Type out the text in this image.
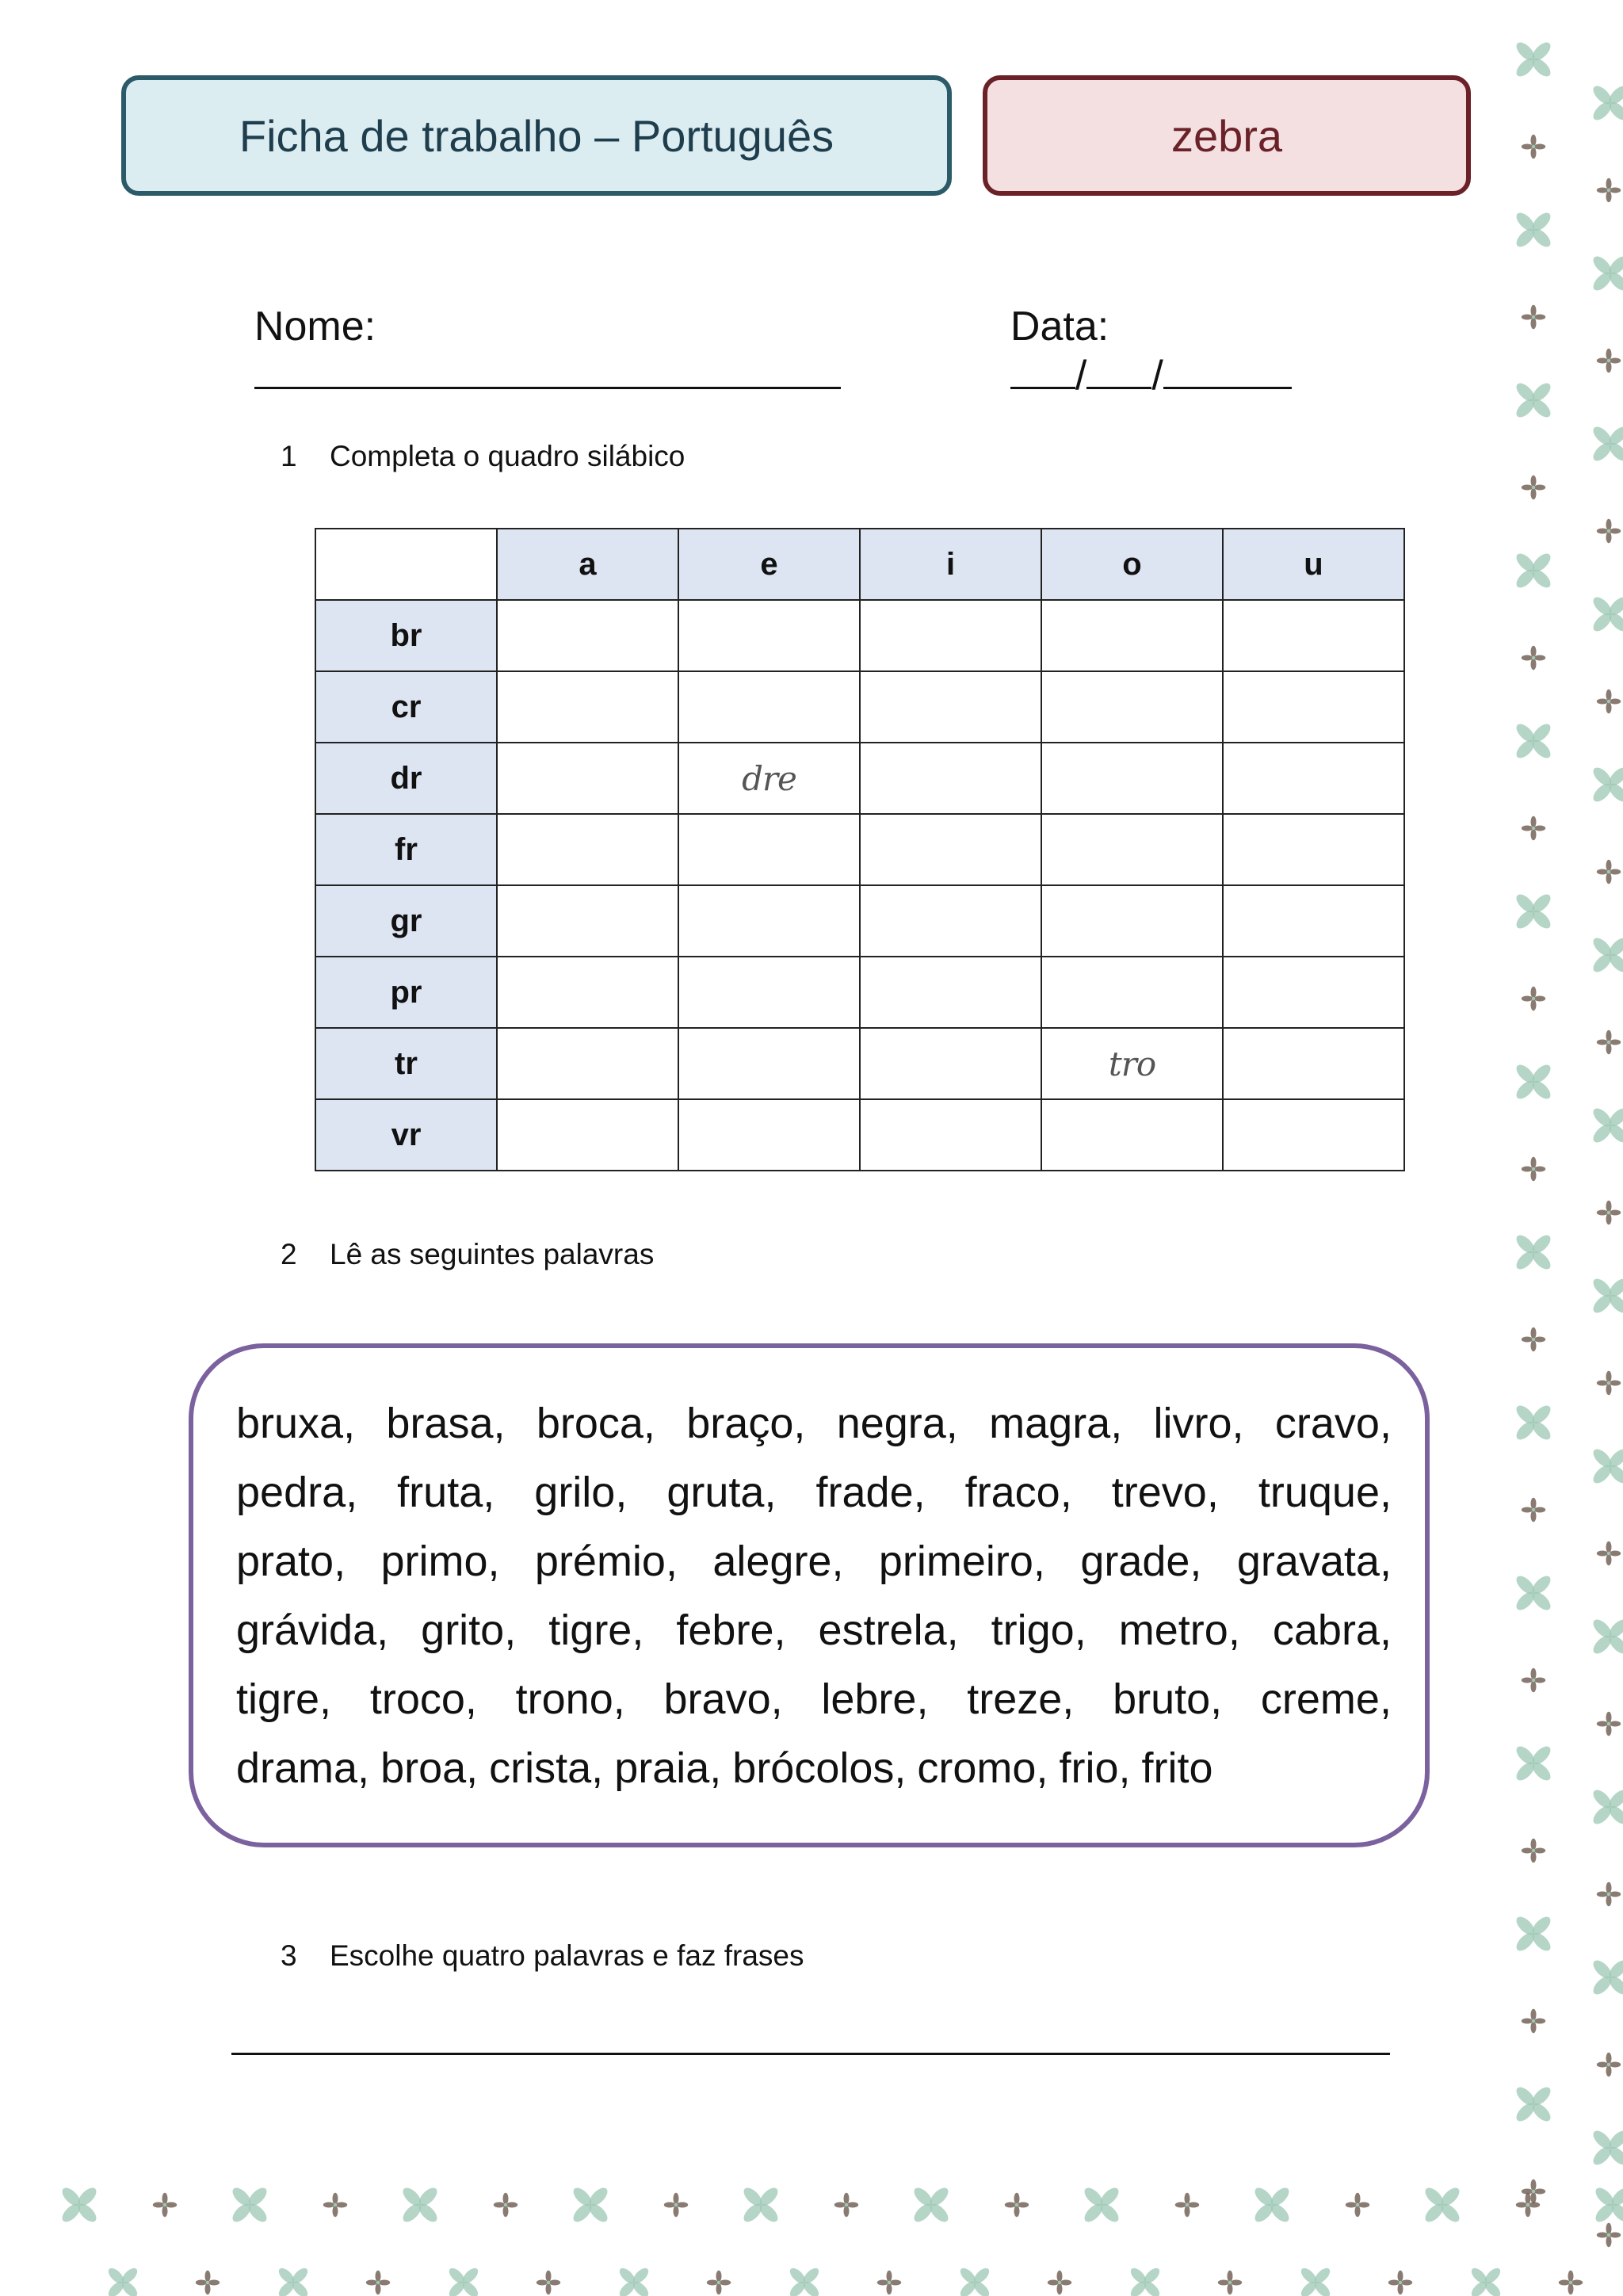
Ficha de trabalho – Português	zebra

Nome:
	Data:
/ /

1 Completa o quadro silábico
	a	e	i	o	u
br					
cr					
dr		dre			
fr					
gr					
pr					
tr				tro	
vr					
2 Lê as seguintes palavras
bruxa, brasa, broca, braço, negra, magra, livro, cravo,
pedra, fruta, grilo, gruta, frade, fraco, trevo, truque,
prato, primo, prémio, alegre, primeiro, grade, gravata,
grávida, grito, tigre, febre, estrela, trigo, metro, cabra,
tigre, troco, trono, bravo, lebre, treze, bruto, creme,
drama, broa, crista, praia, brócolos, cromo, frio, frito
3 Escolhe quatro palavras e faz frases
